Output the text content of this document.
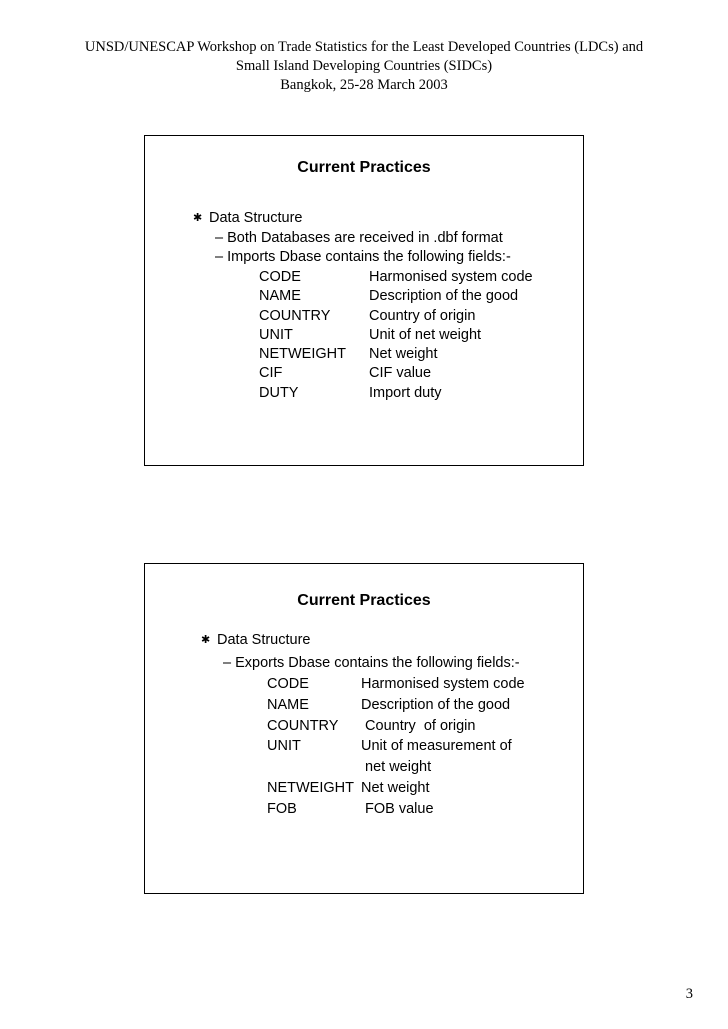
UNSD/UNESCAP Workshop on Trade Statistics for the Least Developed Countries (LDCs) and
Small Island Developing Countries (SIDCs)
Bangkok, 25-28 March 2003
Current Practices
✱ Data Structure
– Both Databases are received in .dbf format
– Imports Dbase contains the following fields:-
CODE	Harmonised system code
NAME	Description of the good
COUNTRY	Country of origin
UNIT	Unit of net weight
NETWEIGHT Net weight
CIF	CIF value
DUTY	Import duty
Current Practices
✱ Data Structure
– Exports Dbase contains the following fields:-
CODE	Harmonised system code
NAME	Description of the good
COUNTRY Country  of origin
UNIT	Unit of measurement of
net weight
NETWEIGHT Net weight
FOB	FOB value
3
